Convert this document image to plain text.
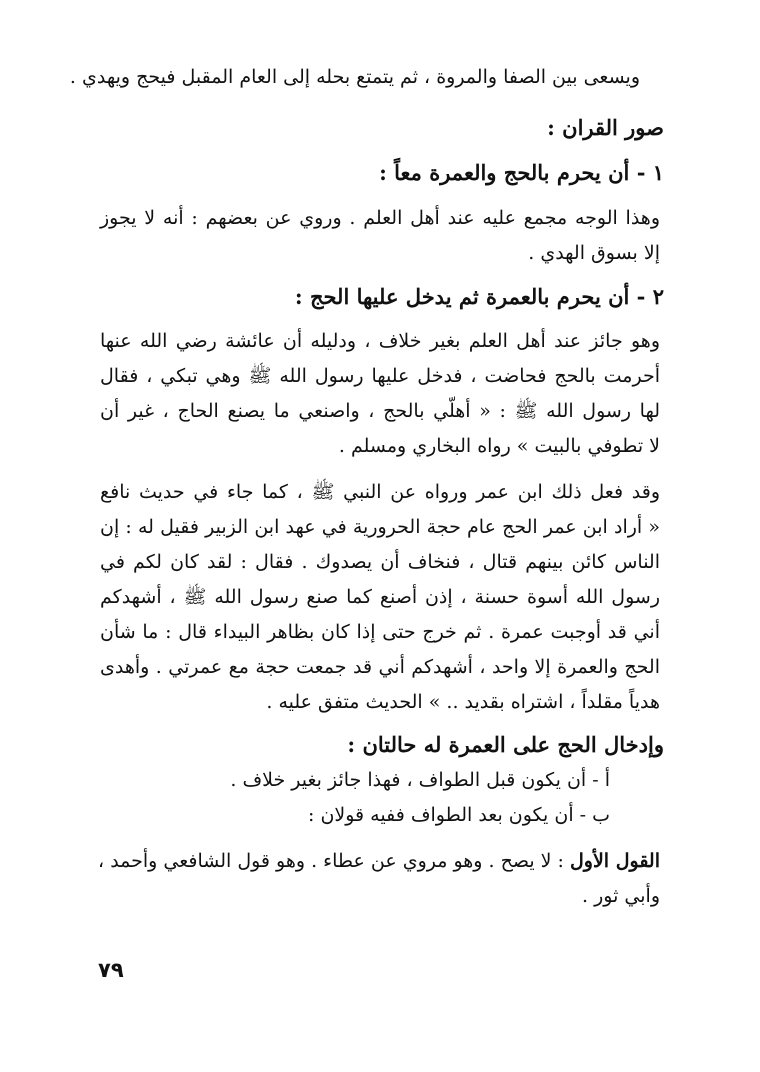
ويسعى بين الصفا والمروة ، ثم يتمتع بحله إلى العام المقبل فيحج ويهدي .
صور القران :
١ - أن يحرم بالحج والعمرة معاً :
وهذا الوجه مجمع عليه عند أهل العلم . وروي عن بعضهم : أنه لا يجوز
إلا بسوق الهدي .
٢ - أن يحرم بالعمرة ثم يدخل عليها الحج :
وهو جائز عند أهل العلم بغير خلاف ، ودليله أن عائشة رضي الله عنها
أحرمت بالحج فحاضت ، فدخل عليها رسول الله ﷺ وهي تبكي ، فقال
لها رسول الله ﷺ : « أهلّي بالحج ، واصنعي ما يصنع الحاج ، غير أن
لا تطوفي بالبيت » رواه البخاري ومسلم .
وقد فعل ذلك ابن عمر ورواه عن النبي ﷺ ، كما جاء في حديث نافع
« أراد ابن عمر الحج عام حجة الحرورية في عهد ابن الزبير فقيل له : إن
الناس كائن بينهم قتال ، فنخاف أن يصدوك . فقال : لقد كان لكم في
رسول الله أسوة حسنة ، إذن أصنع كما صنع رسول الله ﷺ ، أشهدكم
أني قد أوجبت عمرة . ثم خرج حتى إذا كان بظاهر البيداء قال : ما شأن
الحج والعمرة إلا واحد ، أشهدكم أني قد جمعت حجة مع عمرتي . وأهدى
هدياً مقلداً ، اشتراه بقديد .. » الحديث متفق عليه .
وإدخال الحج على العمرة له حالتان :
أ - أن يكون قبل الطواف ، فهذا جائز بغير خلاف .
ب - أن يكون بعد الطواف ففيه قولان :
القول الأول : لا يصح . وهو مروي عن عطاء . وهو قول الشافعي وأحمد ،
وأبي ثور .
٧٩
